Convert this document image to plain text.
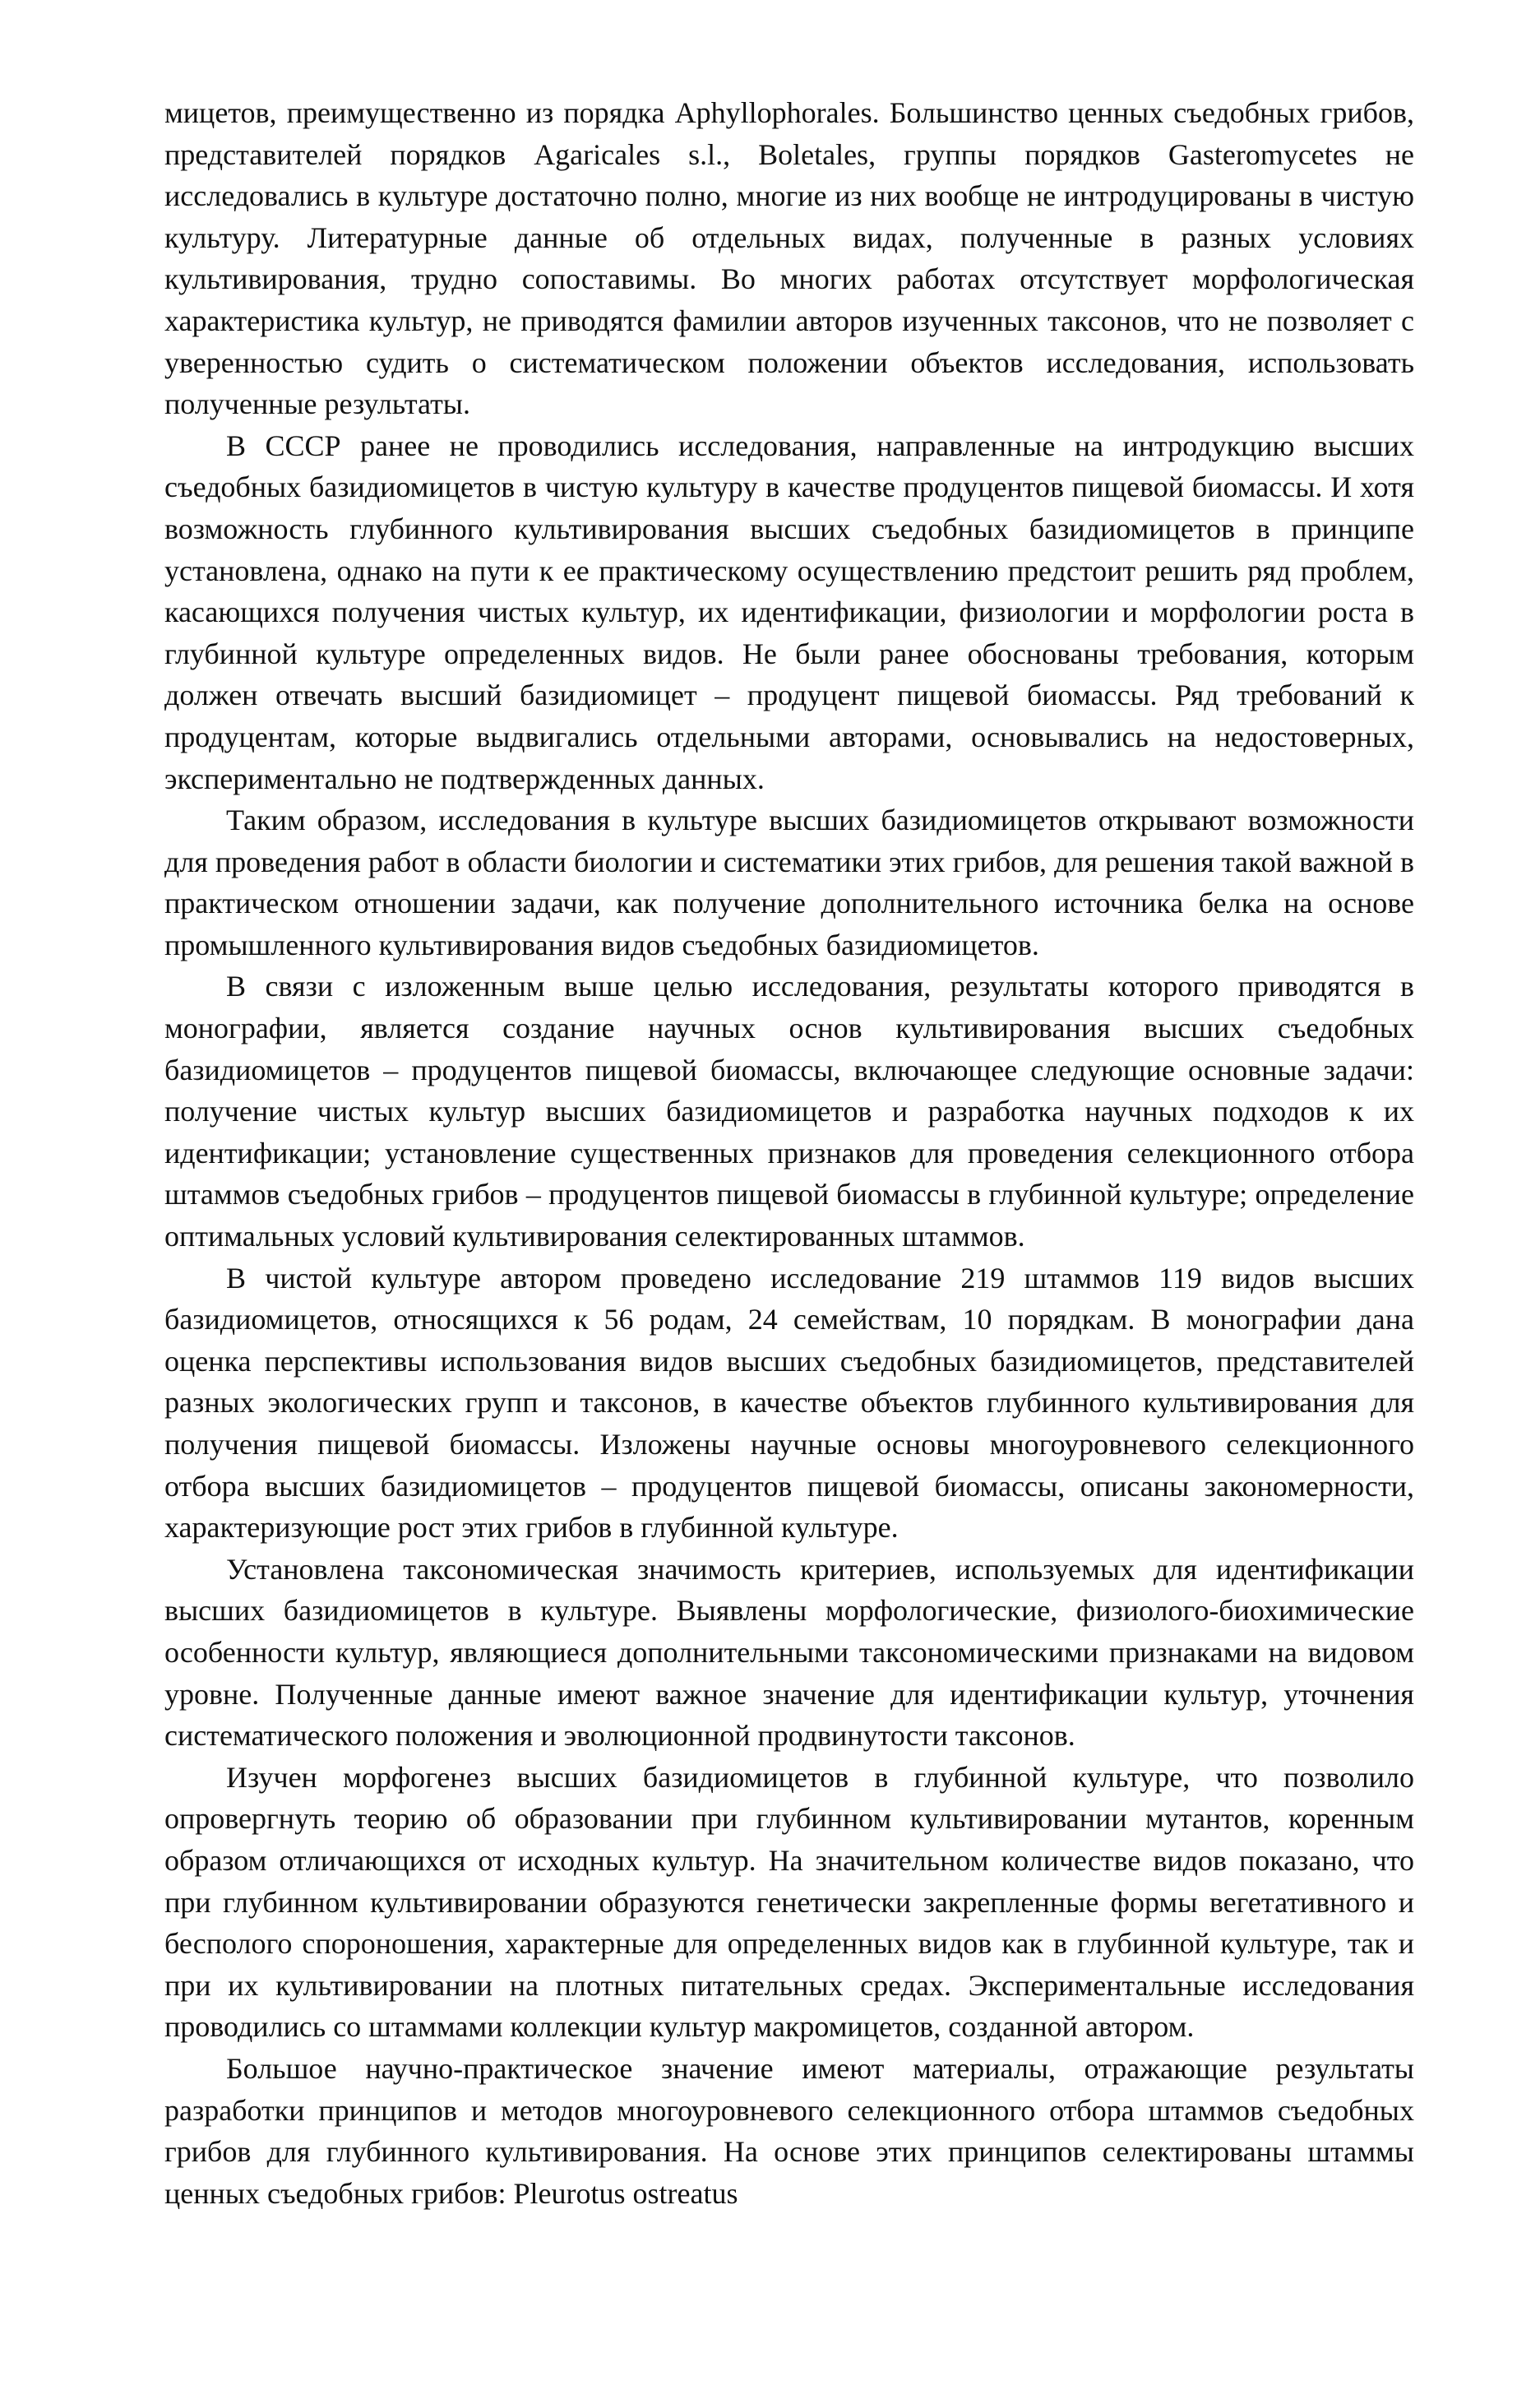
мицетов, преимущественно из порядка Aphyllophorales. Большинство ценных съедобных грибов, представителей порядков Agaricales s.l., Boletales, группы порядков Gasteromycetes не исследовались в культуре достаточно полно, многие из них вообще не интродуцированы в чистую культуру. Литературные данные об отдельных видах, полученные в разных условиях культивирования, трудно сопоставимы. Во многих работах отсутствует морфологическая характеристика культур, не приводятся фамилии авторов изученных таксонов, что не позволяет с уверенностью судить о систематическом положении объектов исследования, использовать полученные результаты.

В СССР ранее не проводились исследования, направленные на интродукцию высших съедобных базидиомицетов в чистую культуру в качестве продуцентов пищевой биомассы. И хотя возможность глубинного культивирования высших съедобных базидиомицетов в принципе установлена, однако на пути к ее практическому осуществлению предстоит решить ряд проблем, касающихся получения чистых культур, их идентификации, физиологии и морфологии роста в глубинной культуре определенных видов. Не были ранее обоснованы требования, которым должен отвечать высший базидиомицет – продуцент пищевой биомассы. Ряд требований к продуцентам, которые выдвигались отдельными авторами, основывались на недостоверных, экспериментально не подтвержденных данных.

Таким образом, исследования в культуре высших базидиомицетов открывают возможности для проведения работ в области биологии и систематики этих грибов, для решения такой важной в практическом отношении задачи, как получение дополнительного источника белка на основе промышленного культивирования видов съедобных базидиомицетов.

В связи с изложенным выше целью исследования, результаты которого приводятся в монографии, является создание научных основ культивирования высших съедобных базидиомицетов – продуцентов пищевой биомассы, включающее следующие основные задачи: получение чистых культур высших базидиомицетов и разработка научных подходов к их идентификации; установление существенных признаков для проведения селекционного отбора штаммов съедобных грибов – продуцентов пищевой биомассы в глубинной культуре; определение оптимальных условий культивирования селектированных штаммов.

В чистой культуре автором проведено исследование 219 штаммов 119 видов высших базидиомицетов, относящихся к 56 родам, 24 семействам, 10 порядкам. В монографии дана оценка перспективы использования видов высших съедобных базидиомицетов, представителей разных экологических групп и таксонов, в качестве объектов глубинного культивирования для получения пищевой биомассы. Изложены научные основы многоуровневого селекционного отбора высших базидиомицетов – продуцентов пищевой биомассы, описаны закономерности, характеризующие рост этих грибов в глубинной культуре.

Установлена таксономическая значимость критериев, используемых для идентификации высших базидиомицетов в культуре. Выявлены морфологические, физиолого-биохимические особенности культур, являющиеся дополнительными таксономическими признаками на видовом уровне. Полученные данные имеют важное значение для идентификации культур, уточнения систематического положения и эволюционной продвинутости таксонов.

Изучен морфогенез высших базидиомицетов в глубинной культуре, что позволило опровергнуть теорию об образовании при глубинном культивировании мутантов, коренным образом отличающихся от исходных культур. На значительном количестве видов показано, что при глубинном культивировании образуются генетически закрепленные формы вегетативного и бесполого спороношения, характерные для определенных видов как в глубинной культуре, так и при их культивировании на плотных питательных средах. Экспериментальные исследования проводились со штаммами коллекции культур макромицетов, созданной автором.

Большое научно-практическое значение имеют материалы, отражающие результаты разработки принципов и методов многоуровневого селекционного отбора штаммов съедобных грибов для глубинного культивирования. На основе этих принципов селектированы штаммы ценных съедобных грибов: Pleurotus ostreatus
